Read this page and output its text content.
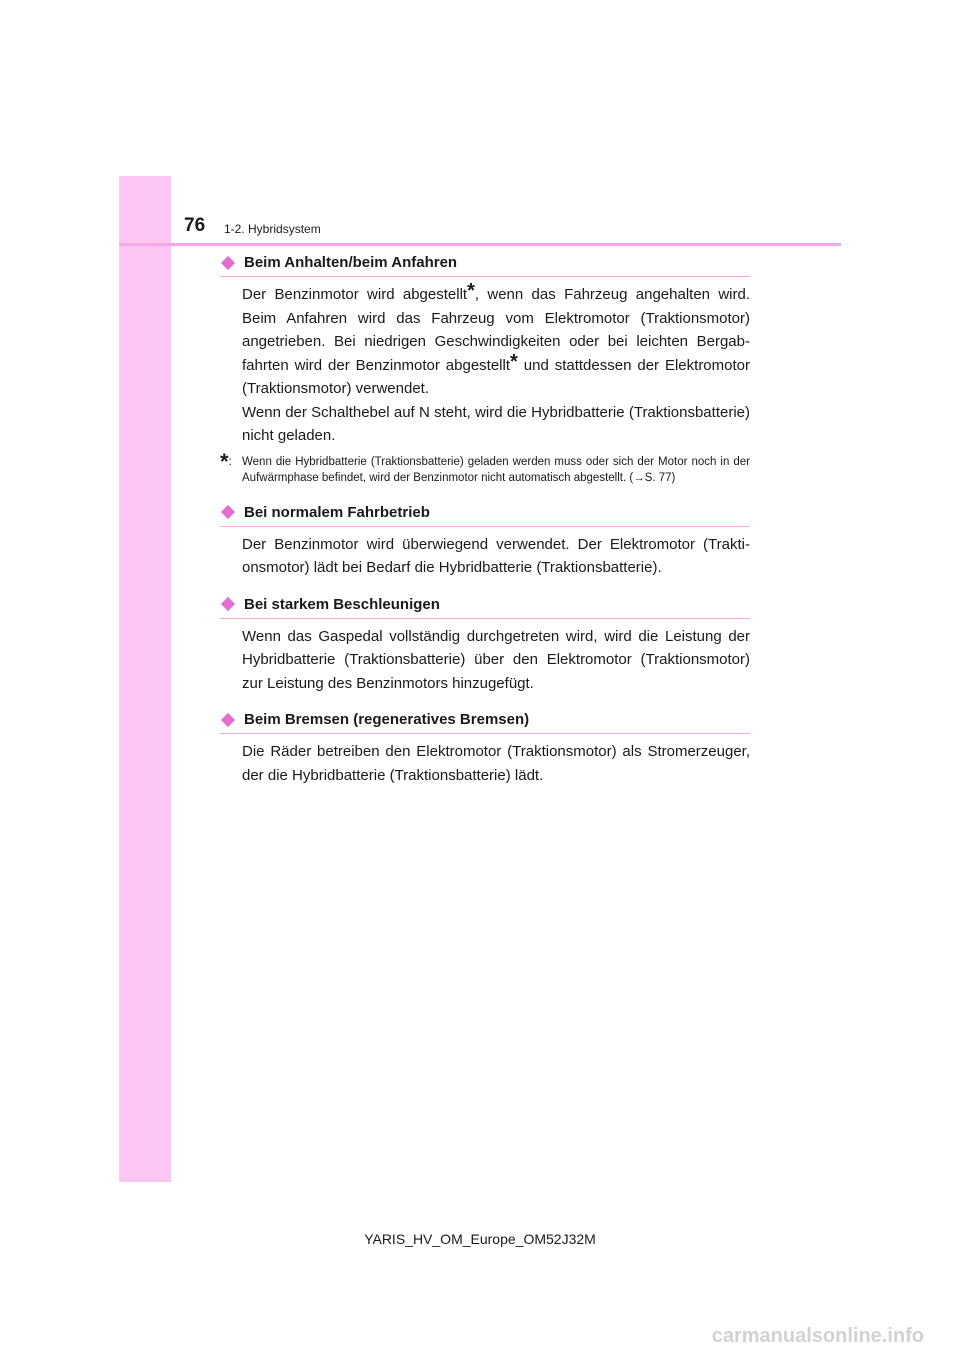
76 1-2. Hybridsystem
Beim Anhalten/beim Anfahren

Der Benzinmotor wird abgestellt*, wenn das Fahrzeug angehalten wird. Beim Anfahren wird das Fahrzeug vom Elektromotor (Traktionsmotor) angetrieben. Bei niedrigen Geschwindigkeiten oder bei leichten Bergabfahrten wird der Benzinmotor abgestellt* und stattdessen der Elektromotor (Traktionsmotor) verwendet.

Wenn der Schalthebel auf N steht, wird die Hybridbatterie (Traktionsbatterie) nicht geladen.

*: Wenn die Hybridbatterie (Traktionsbatterie) geladen werden muss oder sich der Motor noch in der Aufwärmphase befindet, wird der Benzinmotor nicht automatisch abgestellt. (→S. 77)
Bei normalem Fahrbetrieb

Der Benzinmotor wird überwiegend verwendet. Der Elektromotor (Traktionsmotor) lädt bei Bedarf die Hybridbatterie (Traktionsbatterie).

Bei starkem Beschleunigen

Wenn das Gaspedal vollständig durchgetreten wird, wird die Leistung der Hybridbatterie (Traktionsbatterie) über den Elektromotor (Traktionsmotor) zur Leistung des Benzinmotors hinzugefügt.

Beim Bremsen (regeneratives Bremsen)

Die Räder betreiben den Elektromotor (Traktionsmotor) als Stromerzeuger, der die Hybridbatterie (Traktionsbatterie) lädt.

YARIS_HV_OM_Europe_OM52J32M
carmanualsonline.info
